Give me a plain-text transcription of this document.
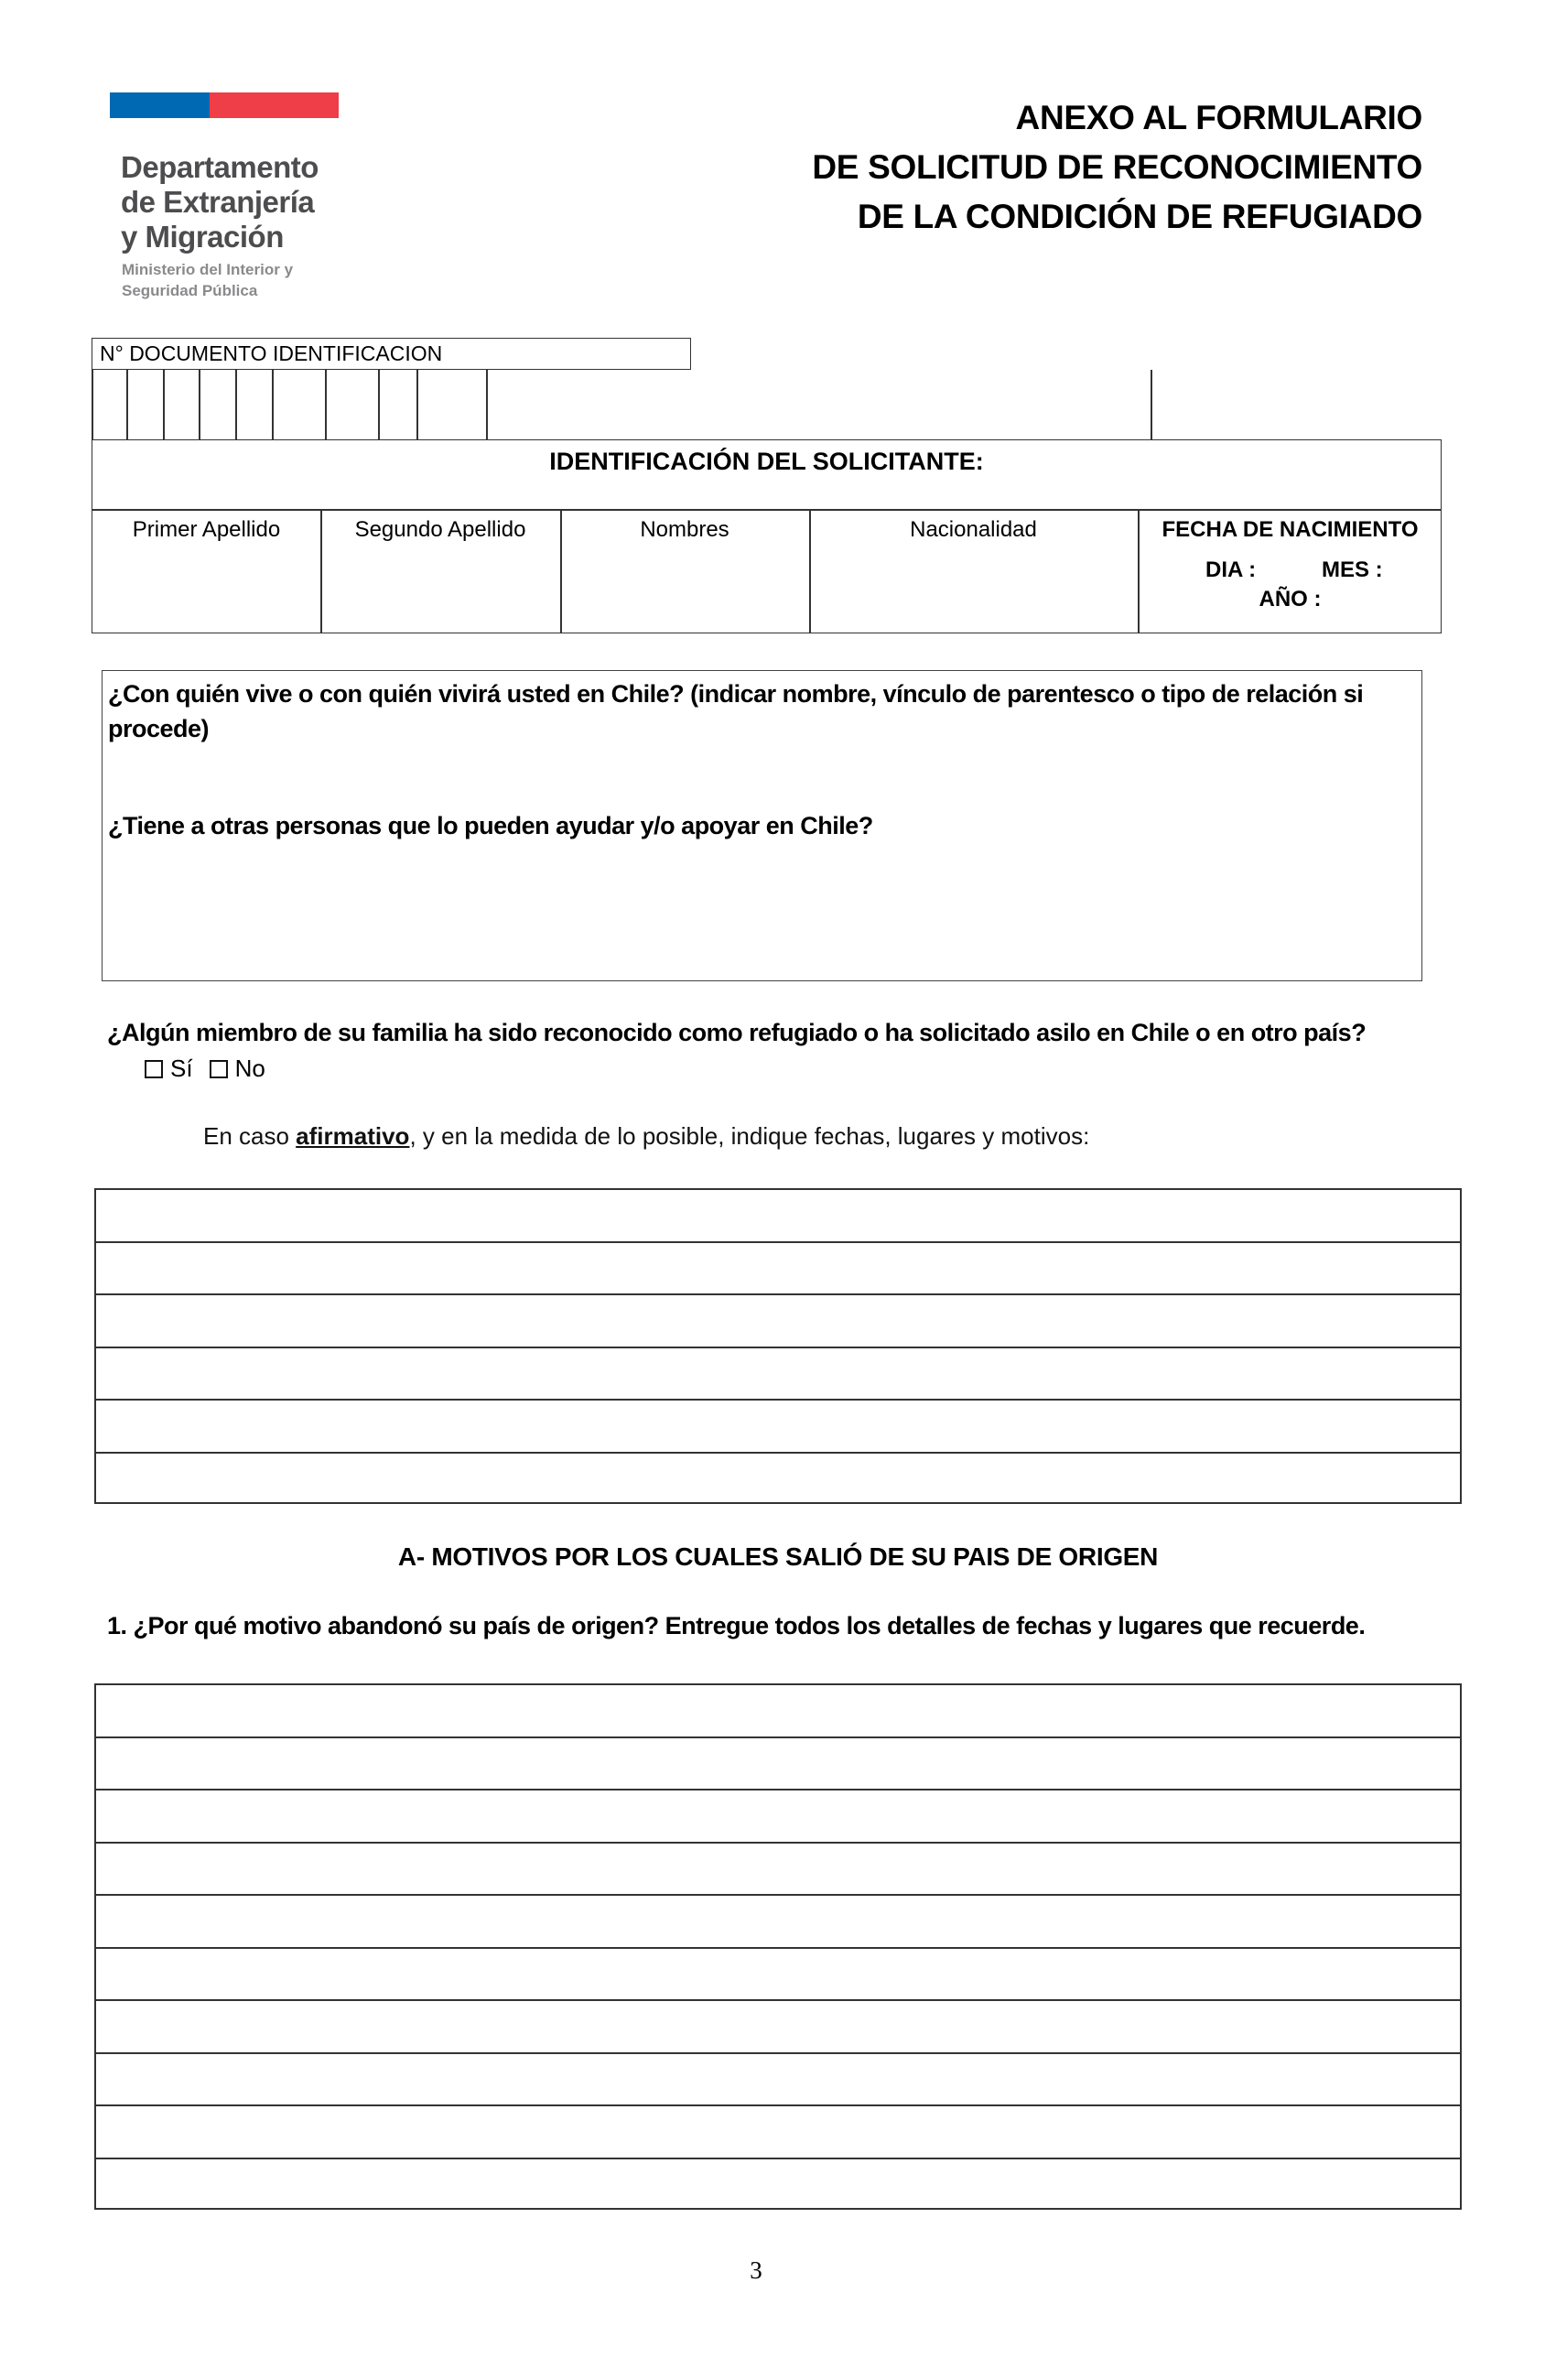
Departamento
de Extranjería
y Migración
Ministerio del Interior y
Seguridad Pública
ANEXO AL FORMULARIO
DE SOLICITUD DE RECONOCIMIENTO
DE LA CONDICIÓN DE REFUGIADO
N° DOCUMENTO IDENTIFICACION
IDENTIFICACIÓN DEL SOLICITANTE:
Primer Apellido	Segundo Apellido	Nombres	Nacionalidad	FECHA DE NACIMIENTO
DIA :	MES :
AÑO :
¿Con quién vive o con quién vivirá usted en Chile? (indicar nombre, vínculo de parentesco o tipo de relación si procede)
¿Tiene a otras personas que lo pueden ayudar y/o apoyar en Chile?
¿Algún miembro de su familia ha sido reconocido como refugiado o ha solicitado asilo en Chile o en otro país?
Sí No
En caso afirmativo, y en la medida de lo posible, indique fechas, lugares y motivos:
A- MOTIVOS POR LOS CUALES SALIÓ DE SU PAIS DE ORIGEN
1. ¿Por qué motivo abandonó su país de origen? Entregue todos los detalles de fechas y lugares que recuerde.
3
